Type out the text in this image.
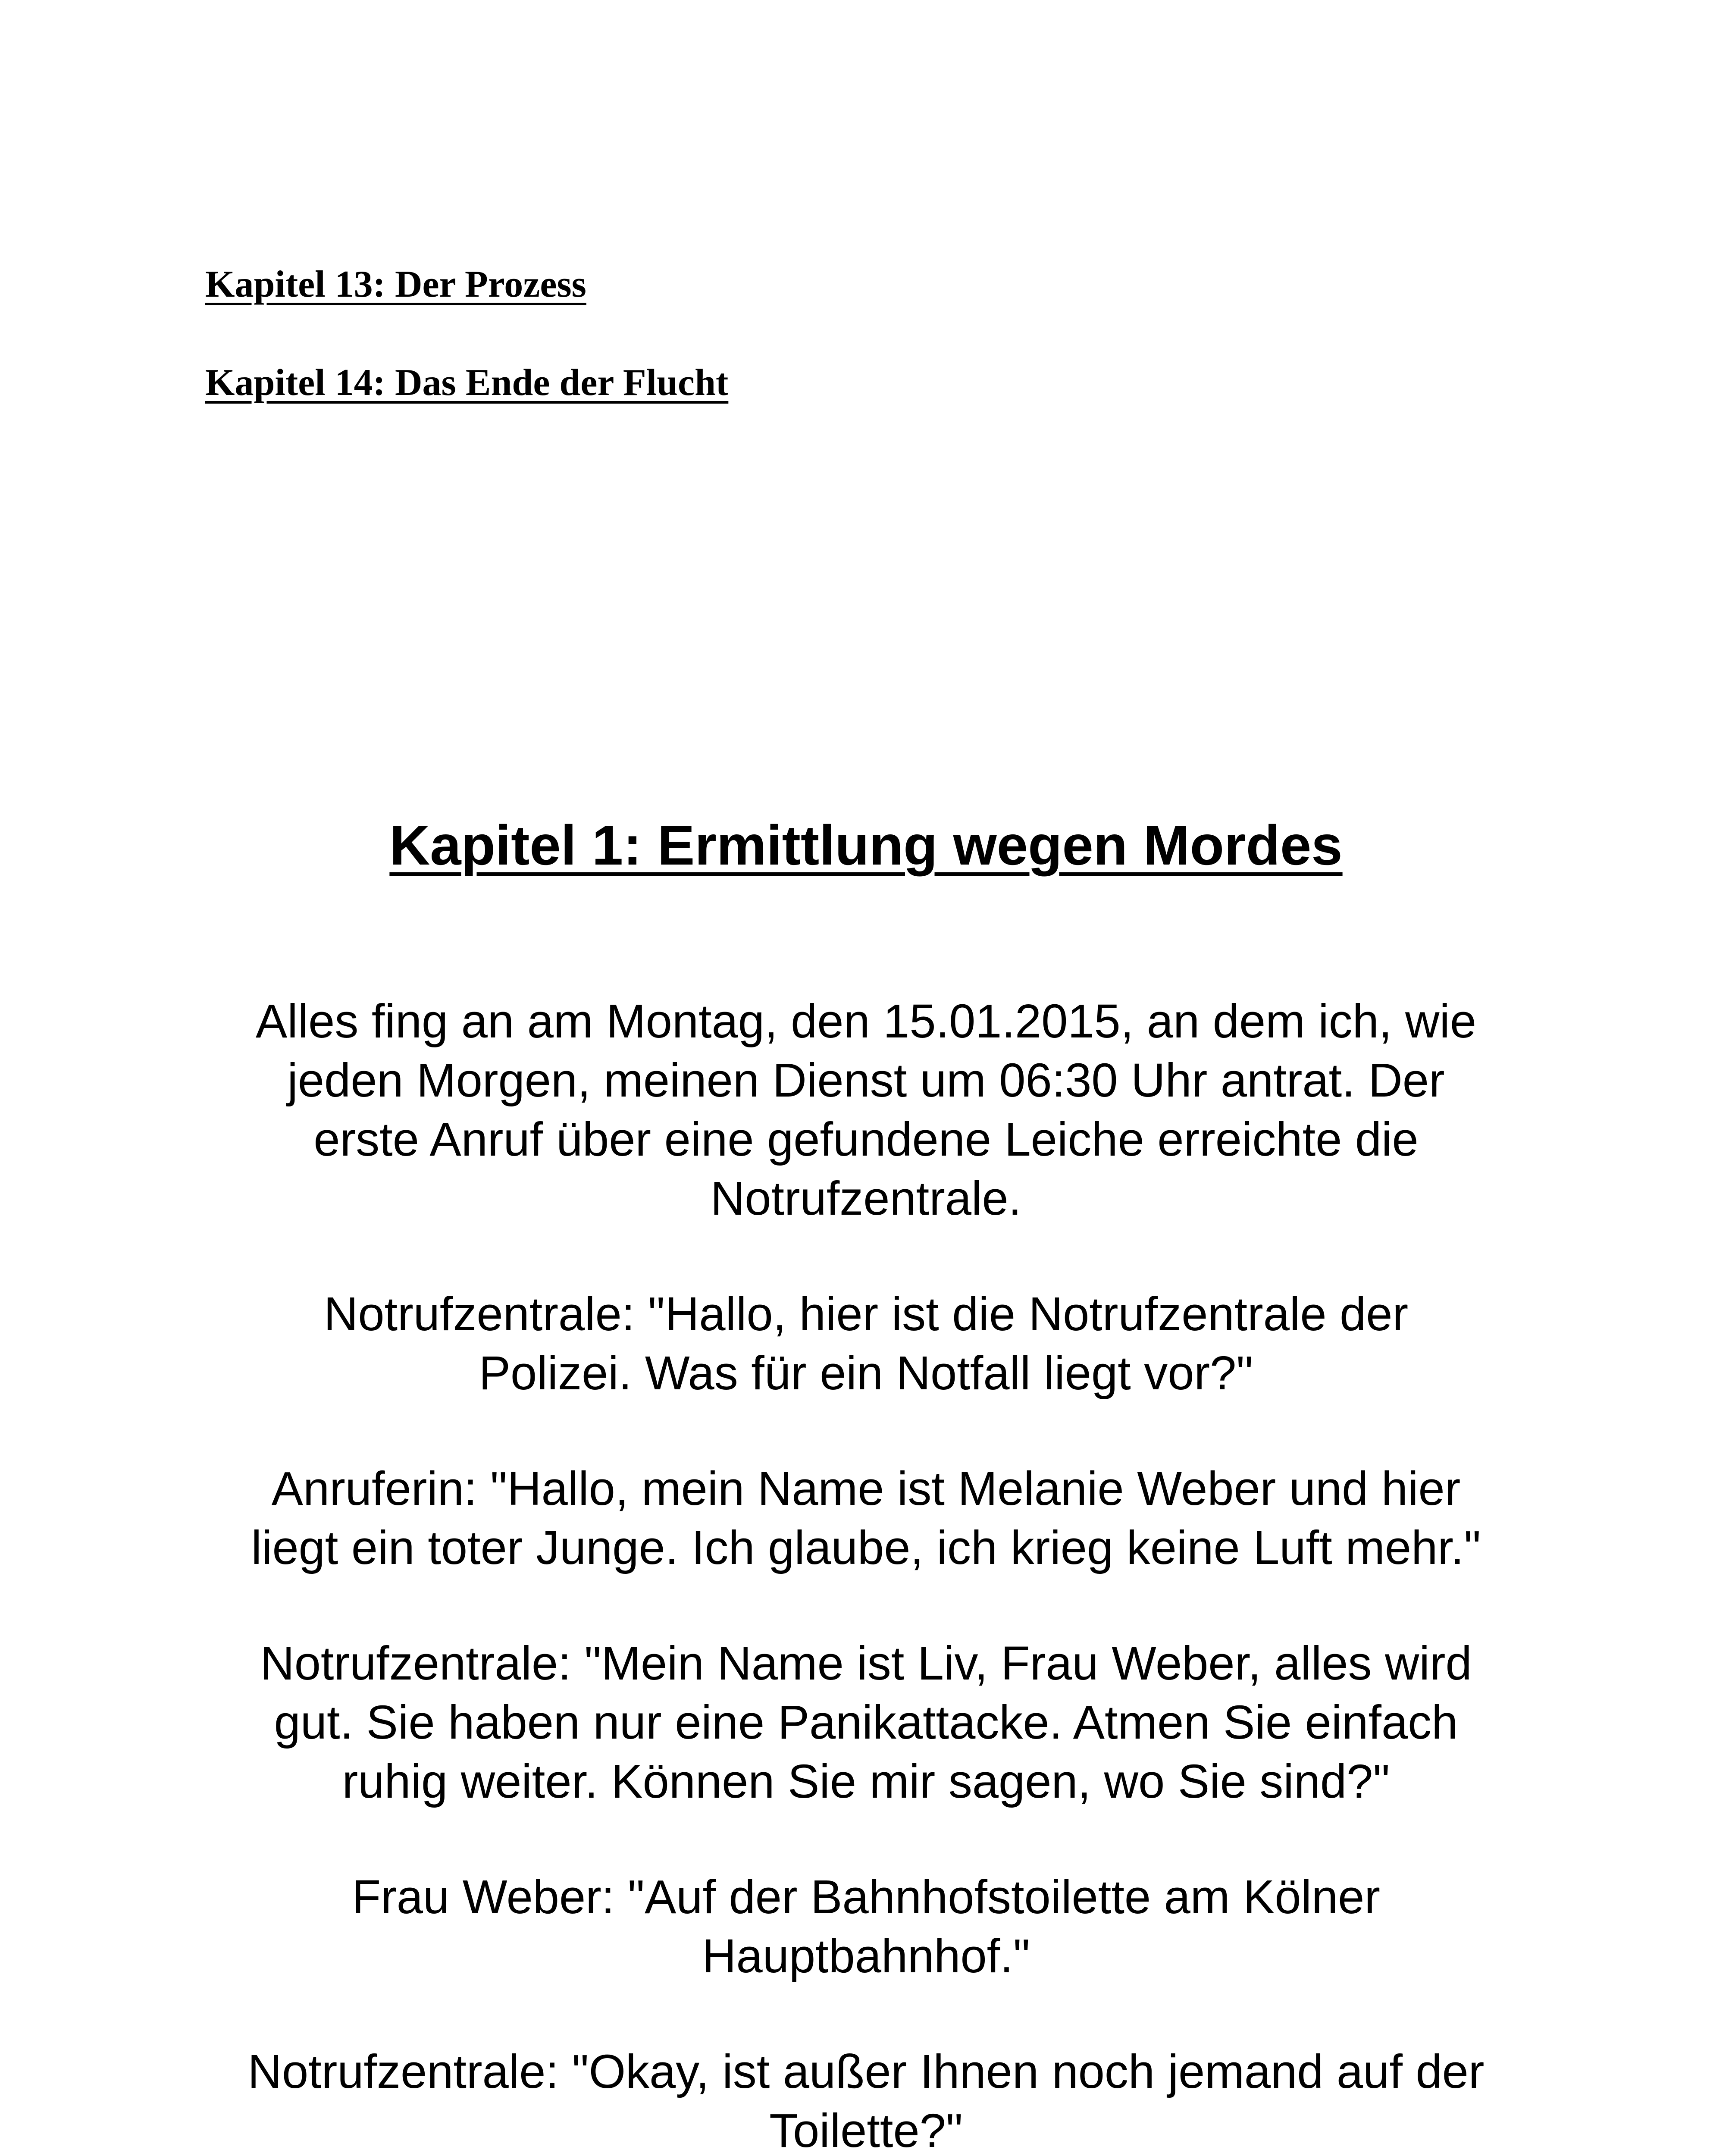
Kapitel 13: Der Prozess

Kapitel 14: Das Ende der Flucht

Kapitel 1: Ermittlung wegen Mordes

Alles fing an am Montag, den 15.01.2015, an dem ich, wie
jeden Morgen, meinen Dienst um 06:30 Uhr antrat. Der
erste Anruf über eine gefundene Leiche erreichte die
Notrufzentrale.

Notrufzentrale: "Hallo, hier ist die Notrufzentrale der
Polizei. Was für ein Notfall liegt vor?"

Anruferin: "Hallo, mein Name ist Melanie Weber und hier
liegt ein toter Junge. Ich glaube, ich krieg keine Luft mehr."

Notrufzentrale: "Mein Name ist Liv, Frau Weber, alles wird
gut. Sie haben nur eine Panikattacke. Atmen Sie einfach
ruhig weiter. Können Sie mir sagen, wo Sie sind?"

Frau Weber: "Auf der Bahnhofstoilette am Kölner
Hauptbahnhof."

Notrufzentrale: "Okay, ist außer Ihnen noch jemand auf der
Toilette?"
